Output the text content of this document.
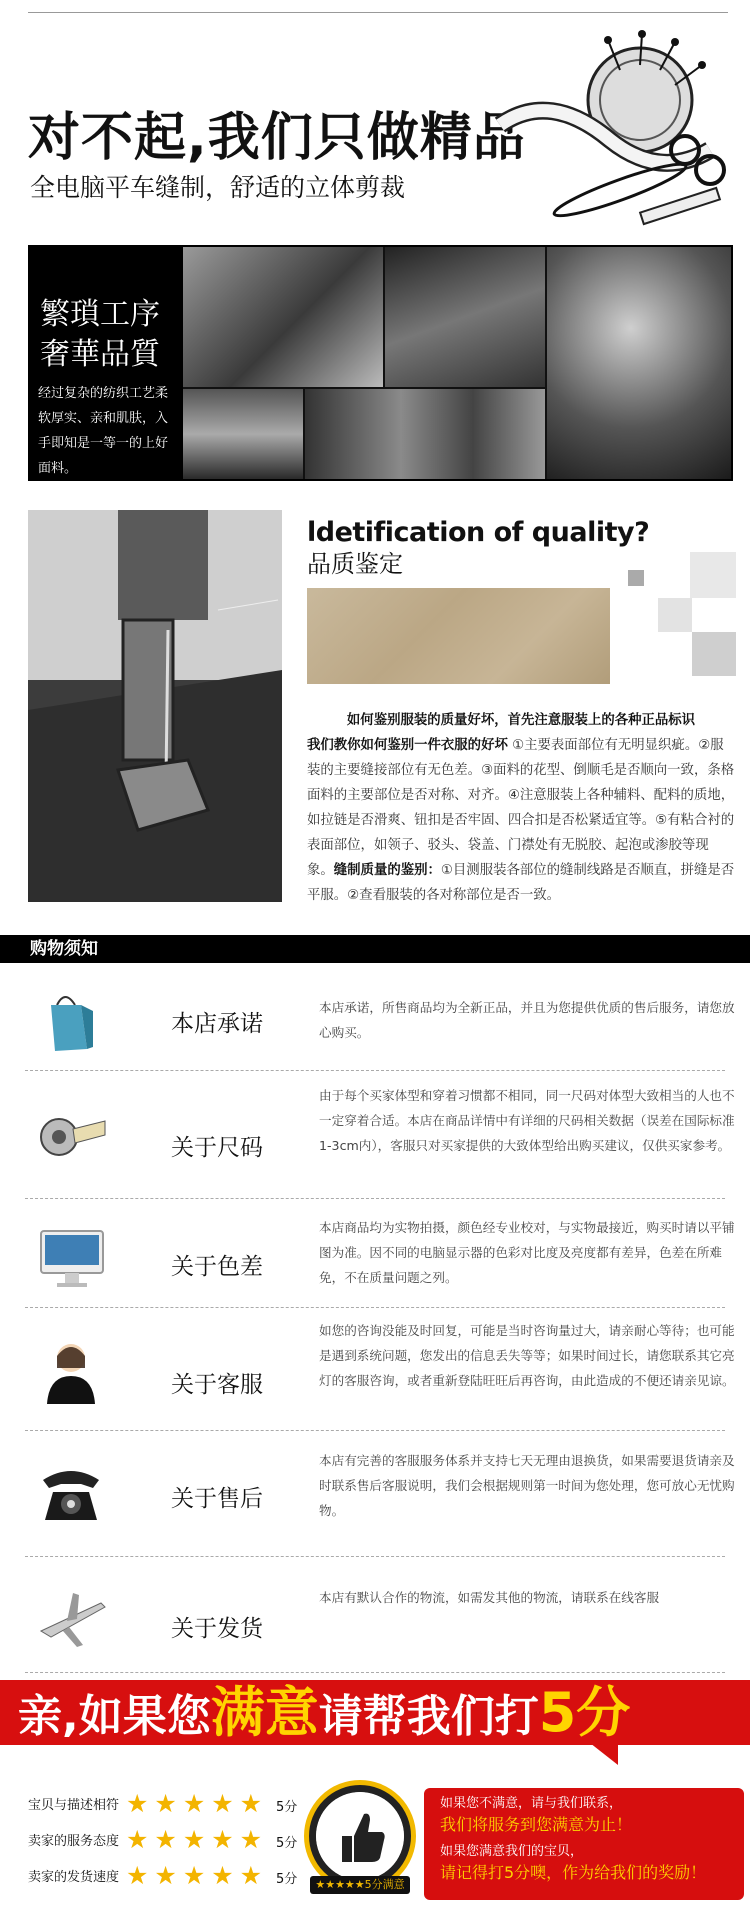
对不起,我们只做精品
全电脑平车缝制，舒适的立体剪裁
繁瑣工序
奢華品質
经过复杂的纺织工艺柔软厚实、亲和肌肤，入手即知是一等一的上好面料。
ldetification of quality?
品质鉴定
如何鉴别服装的质量好坏，首先注意服装上的各种正品标识
我们教你如何鉴别一件衣服的好坏 ①主要表面部位有无明显织疵。②服装的主要缝接部位有无色差。③面料的花型、倒顺毛是否顺向一致，条格面料的主要部位是否对称、对齐。④注意服装上各种辅料、配料的质地，如拉链是否滑爽、钮扣是否牢固、四合扣是否松紧适宜等。⑤有粘合衬的表面部位，如领子、驳头、袋盖、门襟处有无脱胶、起泡或渗胶等现象。缝制质量的鉴别：①目测服装各部位的缝制线路是否顺直，拼缝是否平服。②查看服装的各对称部位是否一致。
购物须知
本店承诺
本店承诺，所售商品均为全新正品，并且为您提供优质的售后服务，请您放心购买。
关于尺码
由于每个买家体型和穿着习惯都不相同，同一尺码对体型大致相当的人也不一定穿着合适。本店在商品详情中有详细的尺码相关数据（误差在国际标准1-3cm内），客服只对买家提供的大致体型给出购买建议，仅供买家参考。
关于色差
本店商品均为实物拍摄，颜色经专业校对，与实物最接近，购买时请以平铺图为准。因不同的电脑显示器的色彩对比度及亮度都有差异，色差在所难免，不在质量问题之列。
关于客服
如您的咨询没能及时回复，可能是当时咨询量过大，请亲耐心等待；也可能是遇到系统问题，您发出的信息丢失等等；如果时间过长，请您联系其它亮灯的客服咨询，或者重新登陆旺旺后再咨询，由此造成的不便还请亲见谅。
关于售后
本店有完善的客服服务体系并支持七天无理由退换货，如果需要退货请亲及时联系售后客服说明，我们会根据规则第一时间为您处理，您可放心无忧购物。
关于发货
本店有默认合作的物流，如需发其他的物流，请联系在线客服
亲,如果您满意请帮我们打5分
宝贝与描述相符 ★★★★★ 5分
卖家的服务态度 ★★★★★ 5分
卖家的发货速度 ★★★★★ 5分	★★★★★5分满意
如果您不满意，请与我们联系，
我们将服务到您满意为止！
如果您满意我们的宝贝，
请记得打5分噢，作为给我们的奖励！
